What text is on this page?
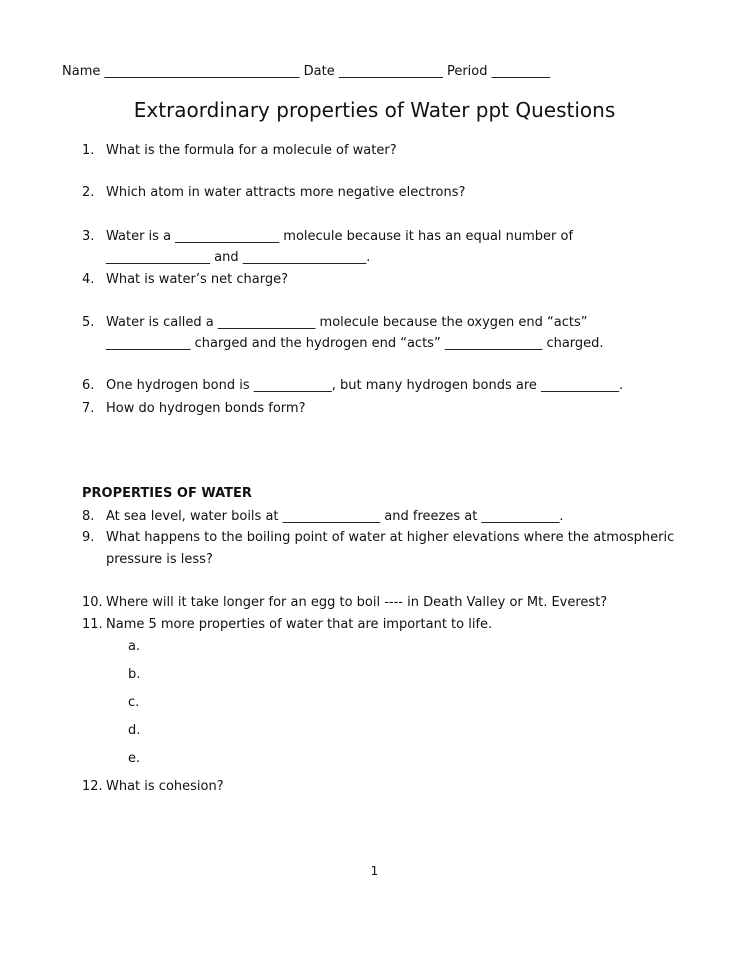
Name ______________________________ Date ________________ Period _________
Extraordinary properties of Water ppt Questions
1. What is the formula for a molecule of water?
2. Which atom in water attracts more negative electrons?
3. Water is a ________________ molecule because it has an equal number of
________________ and ___________________.
4. What is water’s net charge?
5. Water is called a _______________ molecule because the oxygen end “acts”
_____________ charged and the hydrogen end “acts” _______________ charged.
6. One hydrogen bond is ____________, but many hydrogen bonds are ____________.
7. How do hydrogen bonds form?
PROPERTIES OF WATER
8. At sea level, water boils at _______________ and freezes at ____________.
9. What happens to the boiling point of water at higher elevations where the atmospheric
pressure is less?
10. Where will it take longer for an egg to boil ---- in Death Valley or Mt. Everest?
11. Name 5 more properties of water that are important to life.
a.
b.
c.
d.
e.
12. What is cohesion?
1
